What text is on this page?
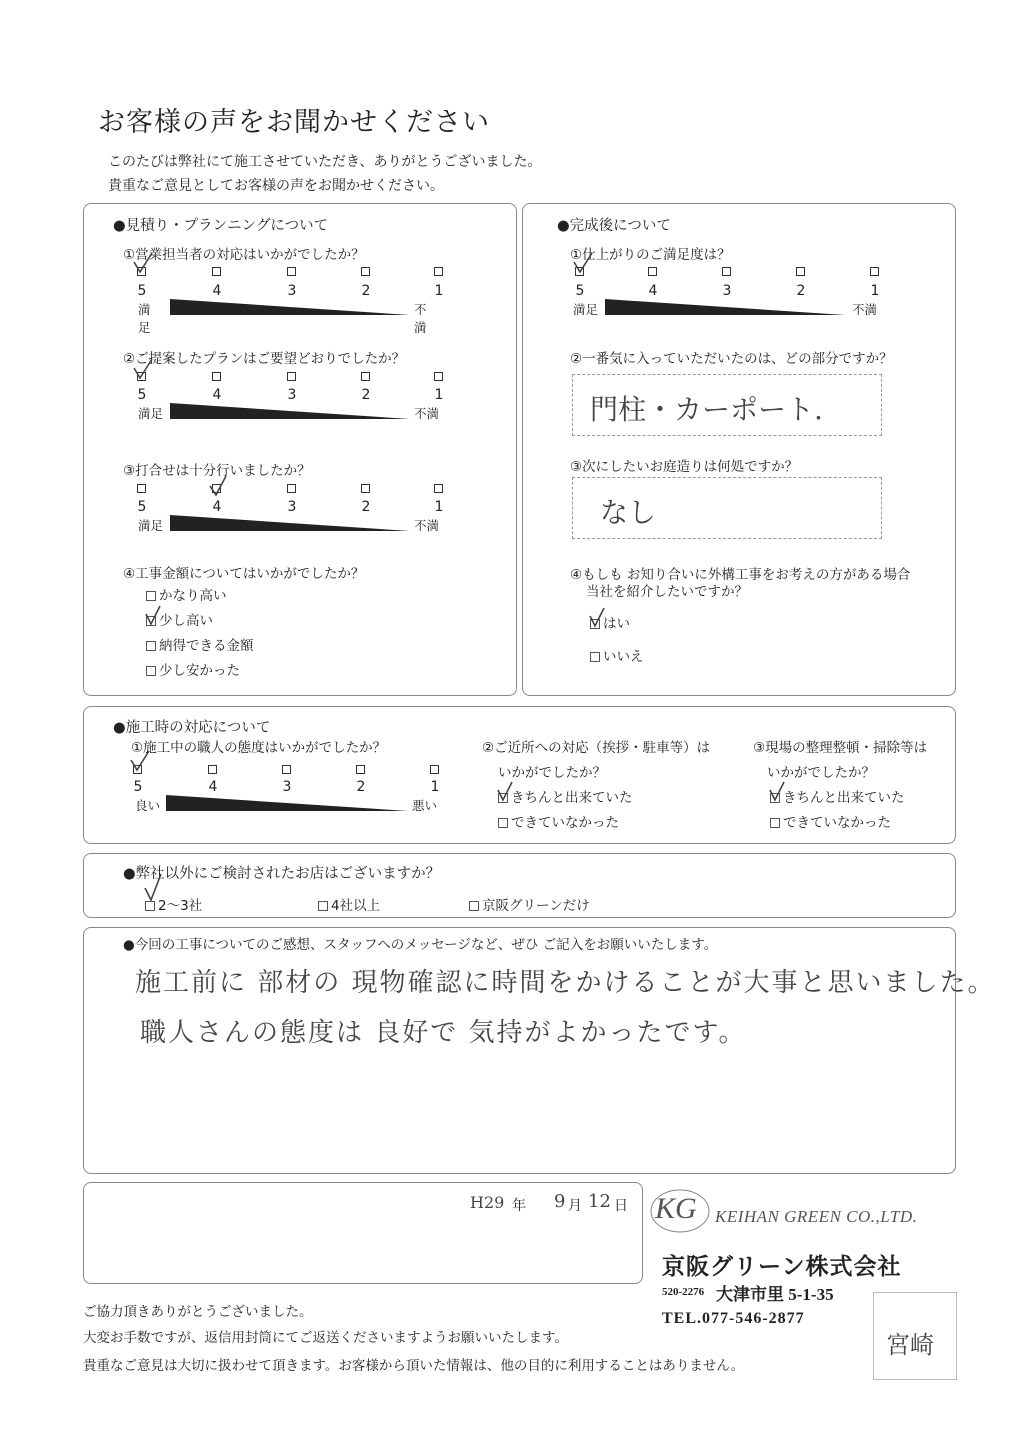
お客様の声をお聞かせください
このたびは弊社にて施工させていただき、ありがとうございました。
貴重なご意見としてお客様の声をお聞かせください。
●見積り・プランニングについて
①営業担当者の対応はいかがでしたか？
5	4	3	2	1
満足
不満
②ご提案したプランはご要望どおりでしたか？
5	4	3	2	1
満足	不満
③打合せは十分行いましたか？
5	4	3	2	1
満足	不満
④工事金額についてはいかがでしたか？
かなり高い
少し高い
納得できる金額
少し安かった
●完成後について
①仕上がりのご満足度は？
5	4	3	2	1
満足	不満
②一番気に入っていただいたのは、どの部分ですか？
門柱・カーポート.
③次にしたいお庭造りは何処ですか？
なし
④もしも お知り合いに外構工事をお考えの方がある場合
当社を紹介したいですか？
はい
いいえ
●施工時の対応について
①施工中の職人の態度はいかがでしたか？
5	4	3	2	1
良い	悪い
②ご近所への対応（挨拶・駐車等）は
いかがでしたか？
きちんと出来ていた
できていなかった
③現場の整理整頓・掃除等は
いかがでしたか？
きちんと出来ていた
できていなかった
●弊社以外にご検討されたお店はございますか？
2～3社	4社以上	京阪グリーンだけ
●今回の工事についてのご感想、スタッフへのメッセージなど、ぜひ ご記入をお願いいたします。
施工前に 部材の 現物確認に時間をかけることが大事と思いました。
職人さんの態度は 良好で 気持がよかったです。
H29 年 9 月 12 日 KG KEIHAN GREEN CO.,LTD.
京阪グリーン株式会社
520-2276 大津市里 5-1-35
TEL.077-546-2877
宮崎
ご協力頂きありがとうございました。
大変お手数ですが、返信用封筒にてご返送くださいますようお願いいたします。
貴重なご意見は大切に扱わせて頂きます。お客様から頂いた情報は、他の目的に利用することはありません。
